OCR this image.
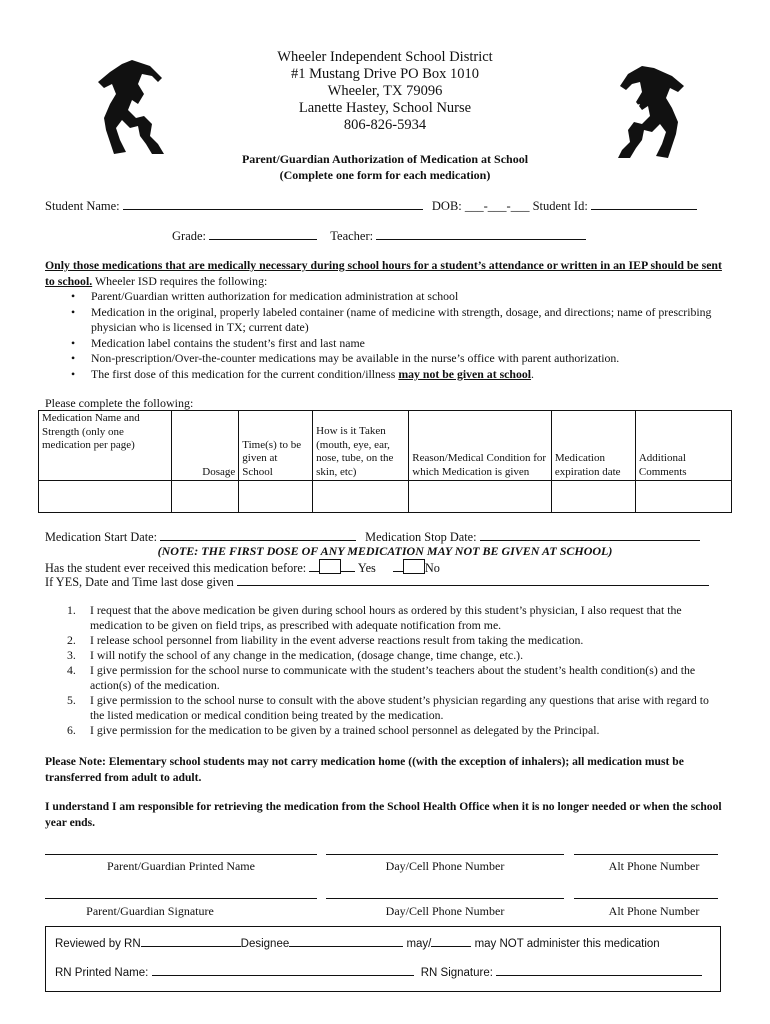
Wheeler Independent School District
#1 Mustang Drive PO Box 1010
Wheeler, TX 79096
Lanette Hastey, School Nurse
806-826-5934
Parent/Guardian Authorization of Medication at School
(Complete one form for each medication)
Student Name:	DOB: ___-___-___ Student Id:
Grade:	Teacher:
Only those medications that are medically necessary during school hours for a student’s attendance or written in an IEP should be sent to school. Wheeler ISD requires the following:
• Parent/Guardian written authorization for medication administration at school
• Medication in the original, properly labeled container (name of medicine with strength, dosage, and directions; name of prescribing physician who is licensed in TX; current date)
• Medication label contains the student’s first and last name
• Non-prescription/Over-the-counter medications may be available in the nurse’s office with parent authorization.
• The first dose of this medication for the current condition/illness may not be given at school.
Please complete the following:
Medication Name and Strength (only one medication per page)	Dosage	Time(s) to be given at School	How is it Taken (mouth, eye, ear, nose, tube, on the skin, etc)	Reason/Medical Condition for which Medication is given	Medication expiration date	Additional Comments

Medication Start Date:	Medication Stop Date:
(NOTE: THE FIRST DOSE OF ANY MEDICATION MAY NOT BE GIVEN AT SCHOOL)
Has the student ever received this medication before:	Yes	No
If YES, Date and Time last dose given
1. I request that the above medication be given during school hours as ordered by this student’s physician, I also request that the medication to be given on field trips, as prescribed with adequate notification from me.
2. I release school personnel from liability in the event adverse reactions result from taking the medication.
3. I will notify the school of any change in the medication, (dosage change, time change, etc.).
4. I give permission for the school nurse to communicate with the student’s teachers about the student’s health condition(s) and the action(s) of the medication.
5. I give permission to the school nurse to consult with the above student’s physician regarding any questions that arise with regard to the listed medication or medical condition being treated by the medication.
6. I give permission for the medication to be given by a trained school personnel as delegated by the Principal.
Please Note: Elementary school students may not carry medication home ((with the exception of inhalers); all medication must be transferred from adult to adult.
I understand I am responsible for retrieving the medication from the School Health Office when it is no longer needed or when the school year ends.
Parent/Guardian Printed Name	Day/Cell Phone Number	Alt Phone Number
Parent/Guardian Signature	Day/Cell Phone Number	Alt Phone Number
Reviewed by RN	Designee	may/	may NOT administer this medication
RN Printed Name:	RN Signature:
